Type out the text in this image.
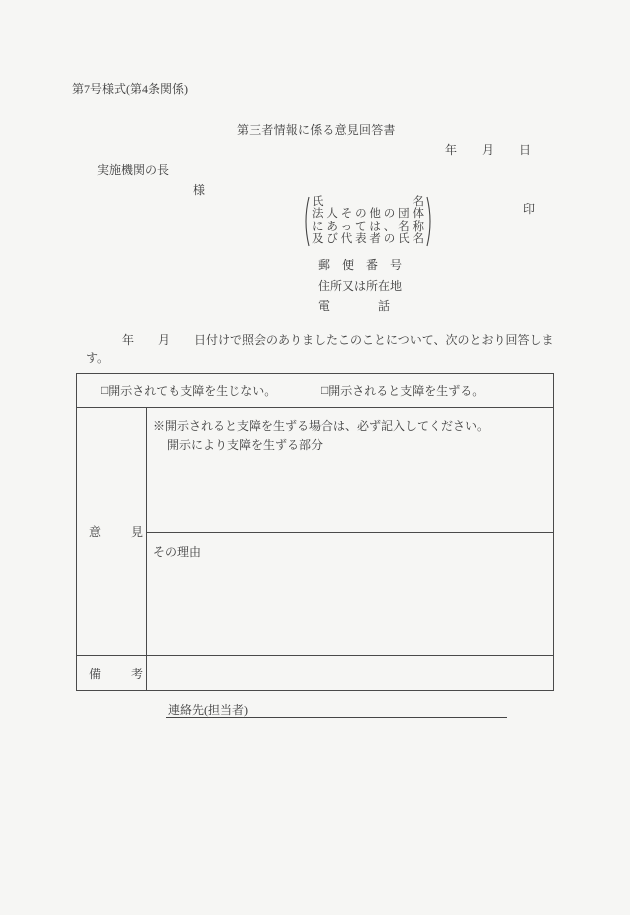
第7号様式(第4条関係)
第三者情報に係る意見回答書
年 月 日
実施機関の長
様
氏　　　　名
法人その他の団体
にあっては、名称
及び代表者の氏名
印
郵　便　番　号
住所又は所在地
電　　　　話
年　　月　　日付けで照会のありましたこのことについて、次のとおり回答しま
す。
□ 開示されても支障を生じない。	□ 開示されると支障を生ずる。
意　見
※開示されると支障を生ずる場合は、必ず記入してください。
開示により支障を生ずる部分
その理由
備　考
連絡先(担当者)
